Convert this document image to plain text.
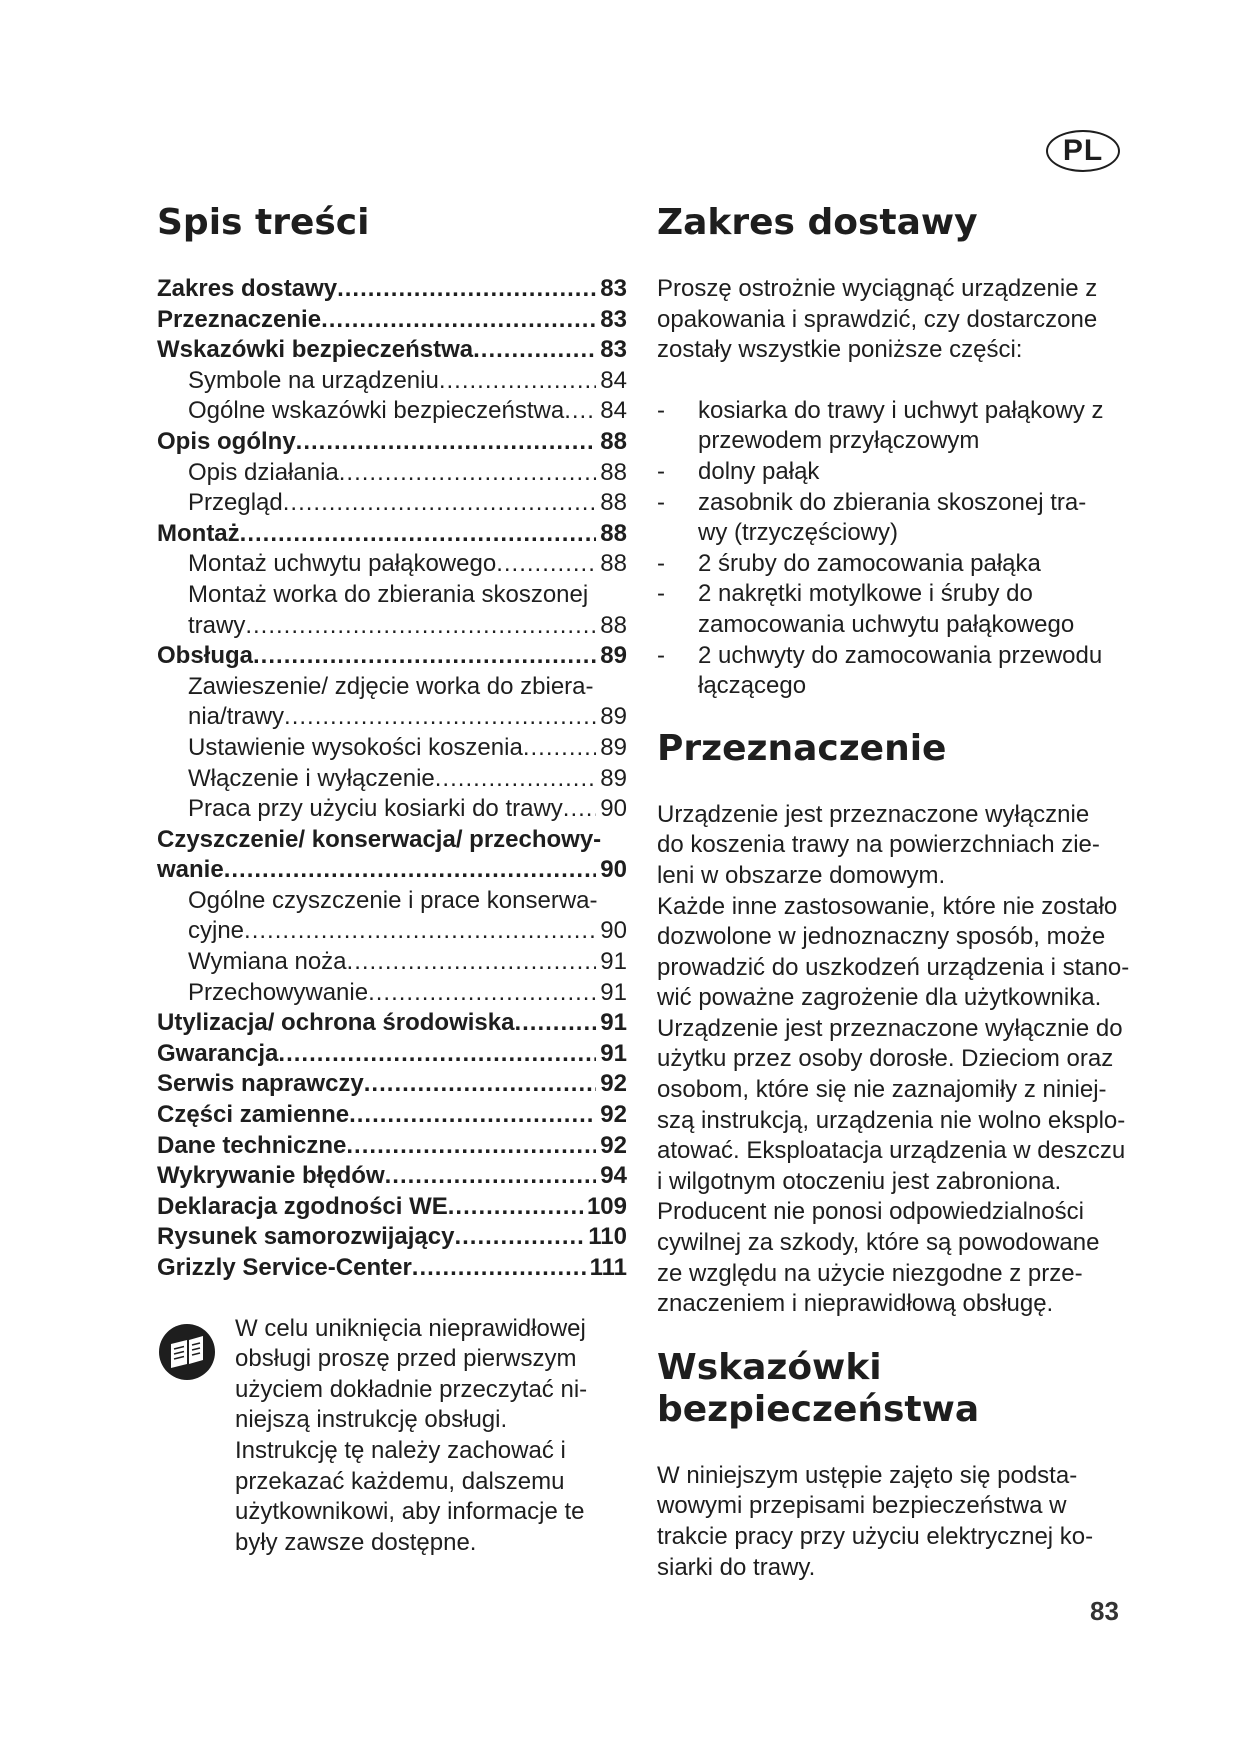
PL
Spis treści
Zakres dostawy .....	83
Przeznaczenie .....	83
Wskazówki bezpieczeństwa .....	83
Symbole na urządzeniu .....	84
Ogólne wskazówki bezpieczeństwa ..... 84
Opis ogólny .....	88
Opis działania .....	88
Przegląd .....	88
Montaż .....	88
Montaż uchwytu pałąkowego .....	88
Montaż worka do zbierania skoszonej
trawy .....	88
Obsługa .....	89
Zawieszenie/ zdjęcie worka do zbiera-
nia/trawy .....	89
Ustawienie wysokości koszenia .....	89
Włączenie i wyłączenie .....	89
Praca przy użyciu kosiarki do trawy ..... 90
Czyszczenie/ konserwacja/ przechowy-
wanie .....	90
Ogólne czyszczenie i prace konserwa-
cyjne .....	90
Wymiana noża .....	91
Przechowywanie .....	91
Utylizacja/ ochrona środowiska .....	91
Gwarancja .....	91
Serwis naprawczy .....	92
Części zamienne .....	92
Dane techniczne .....	92
Wykrywanie błędów .....	94
Deklaracja zgodności WE .....	109
Rysunek samorozwijający .....	110
Grizzly Service-Center .....	111
W celu uniknięcia nieprawidłowej
obsługi proszę przed pierwszym
użyciem dokładnie przeczytać ni-
niejszą instrukcję obsługi.
Instrukcję tę należy zachować i
przekazać każdemu, dalszemu
użytkownikowi, aby informacje te
były zawsze dostępne.
Zakres dostawy

Proszę ostrożnie wyciągnąć urządzenie z

opakowania i sprawdzić, czy dostarczone

zostały wszystkie poniższe części:

- kosiarka do trawy i uchwyt pałąkowy z
przewodem przyłączowym
- dolny pałąk
- zasobnik do zbierania skoszonej tra-
wy (trzyczęściowy)
- 2 śruby do zamocowania pałąka
- 2 nakrętki motylkowe i śruby do
zamocowania uchwytu pałąkowego
- 2 uchwyty do zamocowania przewodu
łączącego
Przeznaczenie

Urządzenie jest przeznaczone wyłącznie

do koszenia trawy na powierzchniach zie-

leni w obszarze domowym.

Każde inne zastosowanie, które nie zostało

dozwolone w jednoznaczny sposób, może

prowadzić do uszkodzeń urządzenia i stano-

wić poważne zagrożenie dla użytkownika.

Urządzenie jest przeznaczone wyłącznie do

użytku przez osoby dorosłe. Dzieciom oraz

osobom, które się nie zaznajomiły z niniej-

szą instrukcją, urządzenia nie wolno eksplo-

atować. Eksploatacja urządzenia w deszczu

i wilgotnym otoczeniu jest zabroniona.

Producent nie ponosi odpowiedzialności

cywilnej za szkody, które są powodowane

ze względu na użycie niezgodne z prze-

znaczeniem i nieprawidłową obsługę.

Wskazówki
bezpieczeństwa

W niniejszym ustępie zajęto się podsta-

wowymi przepisami bezpieczeństwa w

trakcie pracy przy użyciu elektrycznej ko-

siarki do trawy.

83
